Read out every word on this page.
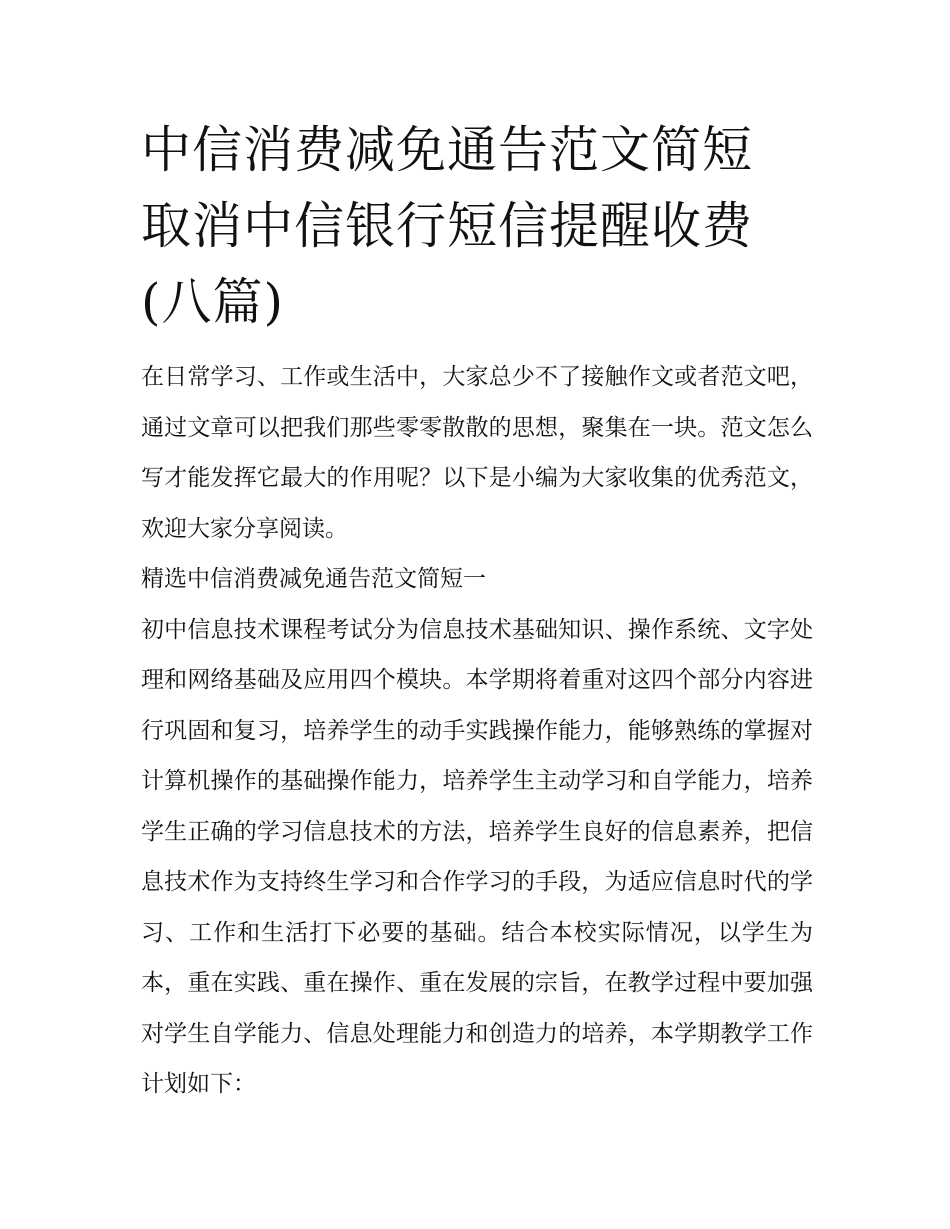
中信消费减免通告范文简短 取消中信银行短信提醒收费(八篇)

在日常学习、工作或生活中，大家总少不了接触作文或者范文吧，通过文章可以把我们那些零零散散的思想，聚集在一块。范文怎么写才能发挥它最大的作用呢？以下是小编为大家收集的优秀范文，欢迎大家分享阅读。

精选中信消费减免通告范文简短一

初中信息技术课程考试分为信息技术基础知识、操作系统、文字处理和网络基础及应用四个模块。本学期将着重对这四个部分内容进行巩固和复习，培养学生的动手实践操作能力，能够熟练的掌握对计算机操作的基础操作能力，培养学生主动学习和自学能力，培养学生正确的学习信息技术的方法，培养学生良好的信息素养，把信息技术作为支持终生学习和合作学习的手段，为适应信息时代的学习、工作和生活打下必要的基础。结合本校实际情况，以学生为本，重在实践、重在操作、重在发展的宗旨，在教学过程中要加强对学生自学能力、信息处理能力和创造力的培养，本学期教学工作计划如下：
